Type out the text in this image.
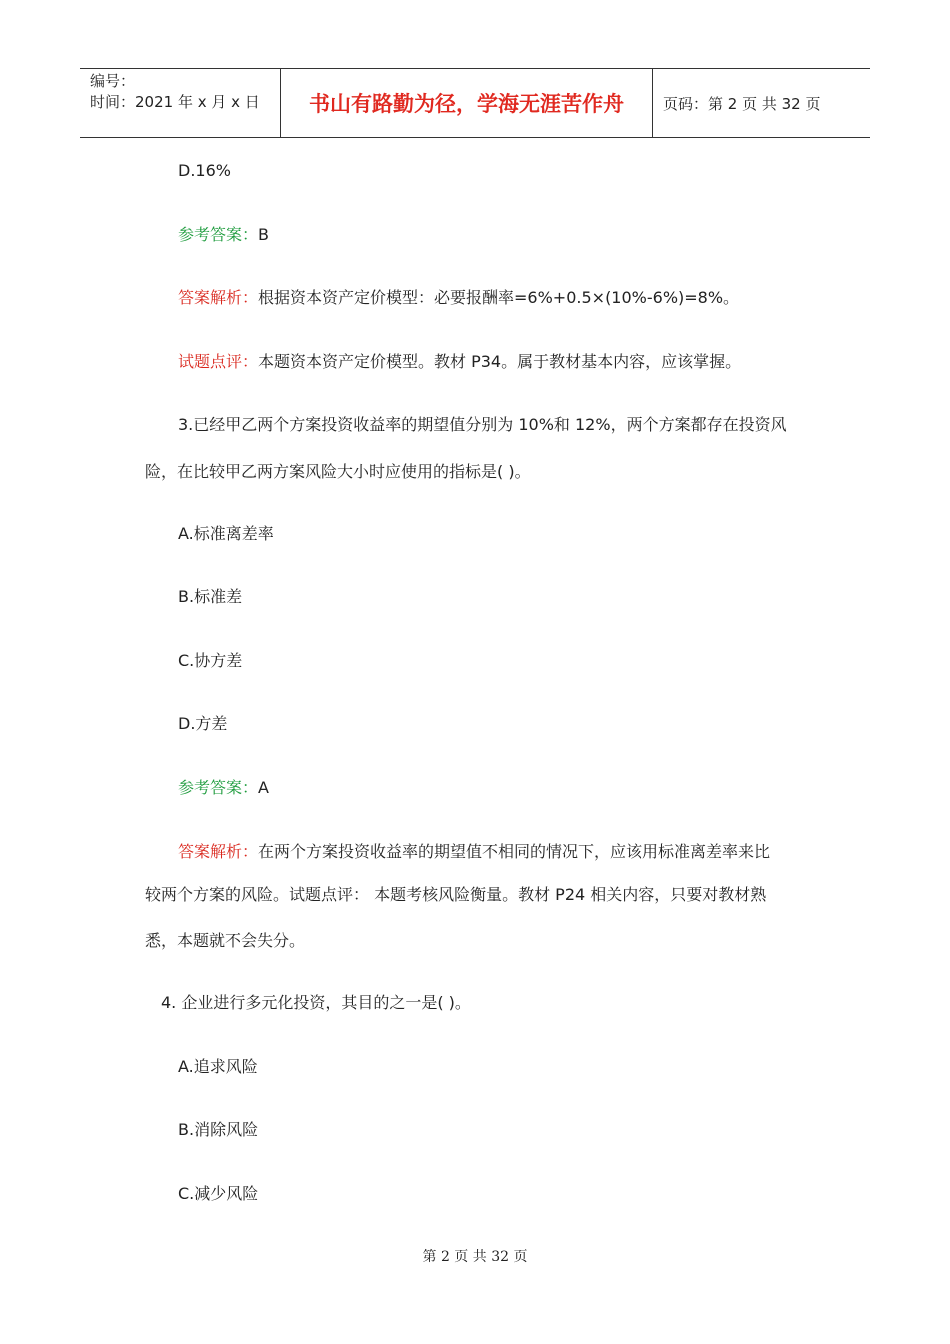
编号：
时间：2021 年 x 月 x 日	书山有路勤为径，学海无涯苦作舟	页码：第 2 页 共 32 页
D.16%
参考答案：B
答案解析：根据资本资产定价模型：必要报酬率=6%+0.5×(10%-6%)=8%。
试题点评：本题资本资产定价模型。教材 P34。属于教材基本内容，应该掌握。
3.已经甲乙两个方案投资收益率的期望值分别为 10%和 12%，两个方案都存在投资风
险，在比较甲乙两方案风险大小时应使用的指标是( )。
A.标准离差率
B.标准差
C.协方差
D.方差
参考答案：A
答案解析：在两个方案投资收益率的期望值不相同的情况下，应该用标准离差率来比
较两个方案的风险。试题点评： 本题考核风险衡量。教材 P24 相关内容，只要对教材熟
悉，本题就不会失分。
4. 企业进行多元化投资，其目的之一是( )。
A.追求风险
B.消除风险
C.减少风险
第 2 页 共 32 页
